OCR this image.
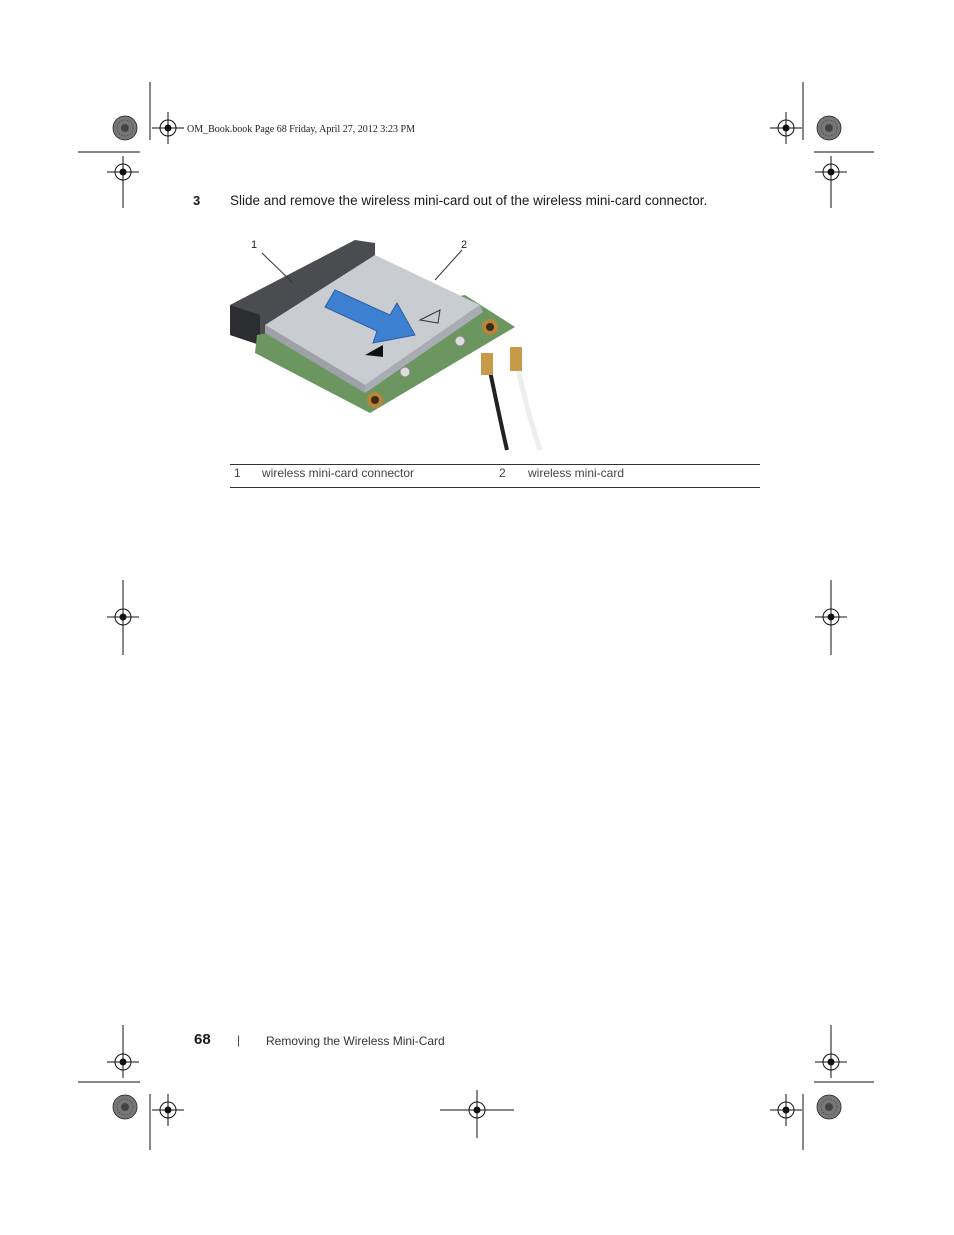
OM_Book.book Page 68 Friday, April 27, 2012 3:23 PM
3 Slide and remove the wireless mini-card out of the wireless mini-card connector.
1	2
1 wireless mini-card connector	2 wireless mini-card
68 | Removing the Wireless Mini-Card
